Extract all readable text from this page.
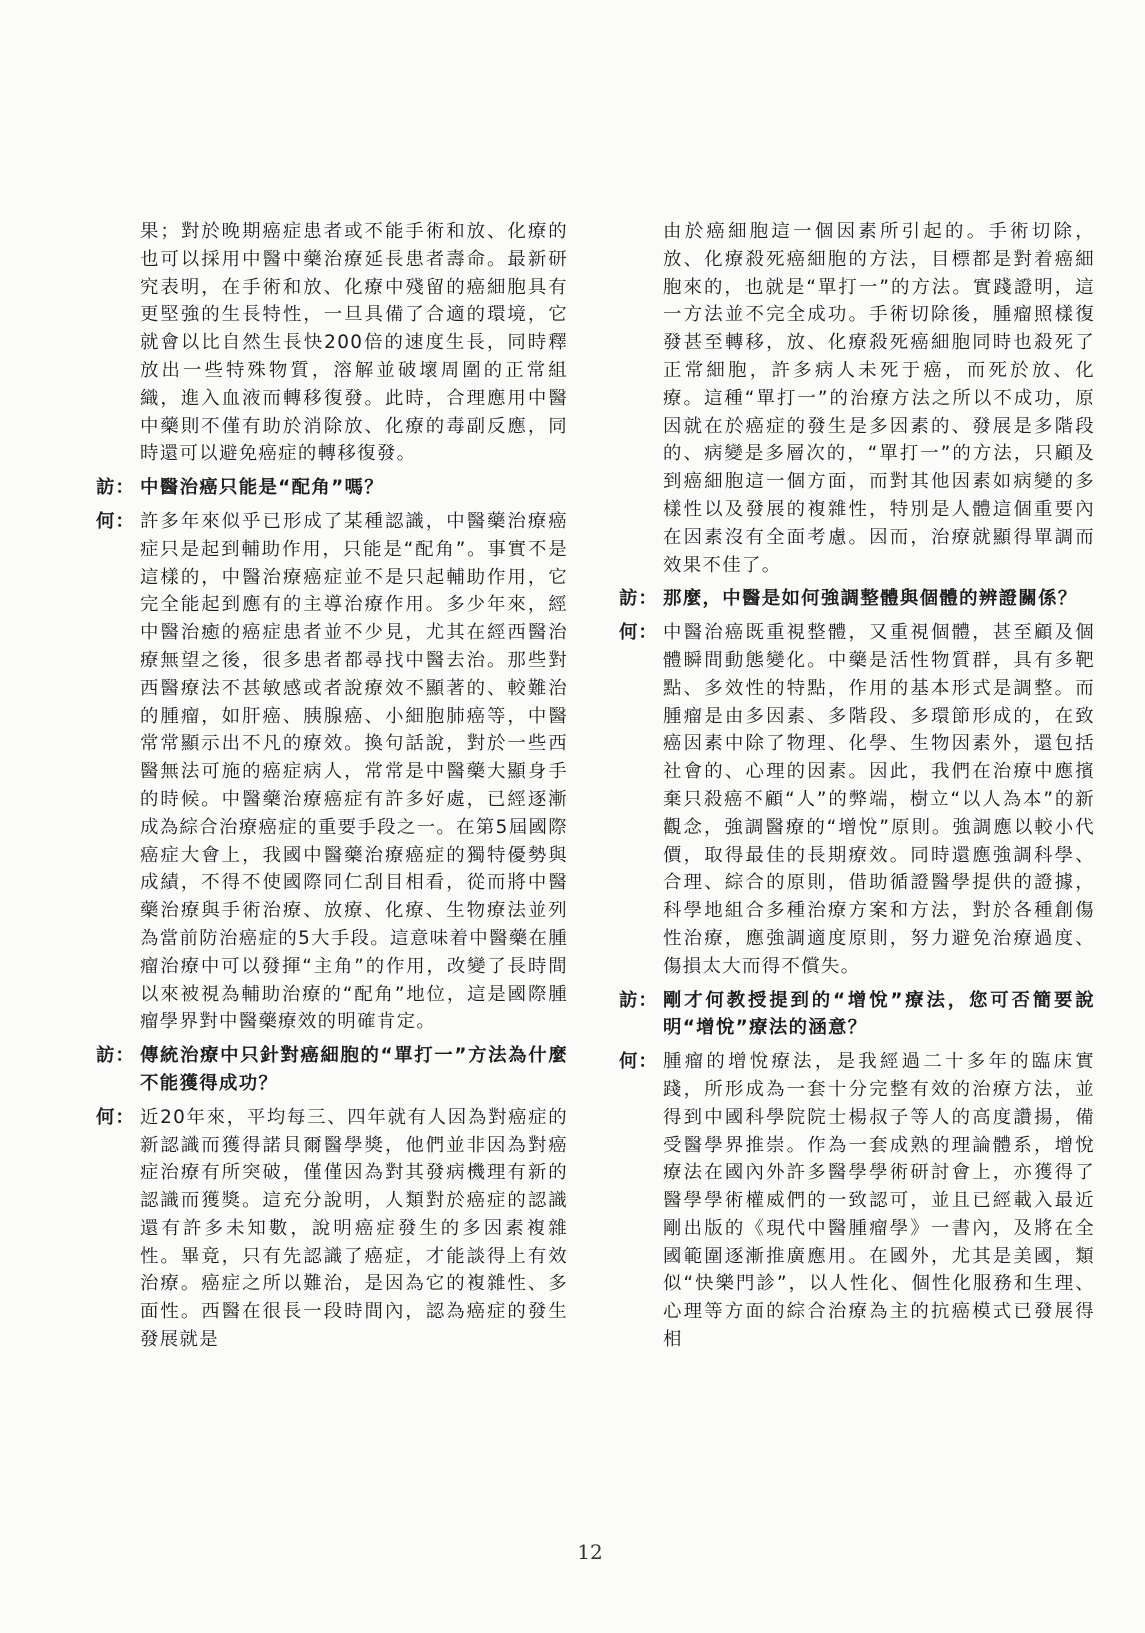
果；對於晚期癌症患者或不能手術和放、化療的也可以採用中醫中藥治療延長患者壽命。最新研究表明，在手術和放、化療中殘留的癌細胞具有更堅強的生長特性，一旦具備了合適的環境，它就會以比自然生長快200倍的速度生長，同時釋放出一些特殊物質，溶解並破壞周圍的正常組織，進入血液而轉移復發。此時，合理應用中醫中藥則不僅有助於消除放、化療的毒副反應，同時還可以避免癌症的轉移復發。

訪： 中醫治癌只能是“配角”嗎？
何： 許多年來似乎已形成了某種認識，中醫藥治療癌症只是起到輔助作用，只能是“配角”。事實不是這樣的，中醫治療癌症並不是只起輔助作用，它完全能起到應有的主導治療作用。多少年來，經中醫治癒的癌症患者並不少見，尤其在經西醫治療無望之後，很多患者都尋找中醫去治。那些對西醫療法不甚敏感或者說療效不顯著的、較難治的腫瘤，如肝癌、胰腺癌、小細胞肺癌等，中醫常常顯示出不凡的療效。換句話說，對於一些西醫無法可施的癌症病人，常常是中醫藥大顯身手的時候。中醫藥治療癌症有許多好處，已經逐漸成為綜合治療癌症的重要手段之一。在第5屆國際癌症大會上，我國中醫藥治療癌症的獨特優勢與成績，不得不使國際同仁刮目相看，從而將中醫藥治療與手術治療、放療、化療、生物療法並列為當前防治癌症的5大手段。這意味着中醫藥在腫瘤治療中可以發揮“主角”的作用，改變了長時間以來被視為輔助治療的“配角”地位，這是國際腫瘤學界對中醫藥療效的明確肯定。
訪： 傳統治療中只針對癌細胞的“單打一”方法為什麼不能獲得成功？
何： 近20年來，平均每三、四年就有人因為對癌症的新認識而獲得諾貝爾醫學獎，他們並非因為對癌症治療有所突破，僅僅因為對其發病機理有新的認識而獲獎。這充分說明，人類對於癌症的認識還有許多未知數，說明癌症發生的多因素複雜性。畢竟，只有先認識了癌症，才能談得上有效治療。癌症之所以難治，是因為它的複雜性、多面性。西醫在很長一段時間內，認為癌症的發生發展就是

由於癌細胞這一個因素所引起的。手術切除，放、化療殺死癌細胞的方法，目標都是對着癌細胞來的，也就是“單打一”的方法。實踐證明，這一方法並不完全成功。手術切除後，腫瘤照樣復發甚至轉移，放、化療殺死癌細胞同時也殺死了正常細胞，許多病人未死于癌，而死於放、化療。這種“單打一”的治療方法之所以不成功，原因就在於癌症的發生是多因素的、發展是多階段的、病變是多層次的，“單打一”的方法，只顧及到癌細胞這一個方面，而對其他因素如病變的多樣性以及發展的複雜性，特別是人體這個重要內在因素沒有全面考慮。因而，治療就顯得單調而效果不佳了。

訪： 那麼，中醫是如何強調整體與個體的辨證關係？
何： 中醫治癌既重視整體，又重視個體，甚至顧及個體瞬間動態變化。中藥是活性物質群，具有多靶點、多效性的特點，作用的基本形式是調整。而腫瘤是由多因素、多階段、多環節形成的，在致癌因素中除了物理、化學、生物因素外，還包括社會的、心理的因素。因此，我們在治療中應擯棄只殺癌不顧“人”的弊端，樹立“以人為本”的新觀念，強調醫療的“增悅”原則。強調應以較小代價，取得最佳的長期療效。同時還應強調科學、合理、綜合的原則，借助循證醫學提供的證據，科學地組合多種治療方案和方法，對於各種創傷性治療，應強調適度原則，努力避免治療過度、傷損太大而得不償失。
訪： 剛才何教授提到的“增悅”療法，您可否簡要說明“增悅”療法的涵意？
何： 腫瘤的增悅療法，是我經過二十多年的臨床實踐，所形成為一套十分完整有效的治療方法，並得到中國科學院院士楊叔子等人的高度讚揚，備受醫學界推崇。作為一套成熟的理論體系，增悅療法在國內外許多醫學學術研討會上，亦獲得了醫學學術權威們的一致認可，並且已經載入最近剛出版的《現代中醫腫瘤學》一書內，及將在全國範圍逐漸推廣應用。在國外，尤其是美國，類似“快樂門診”，以人性化、個性化服務和生理、心理等方面的綜合治療為主的抗癌模式已發展得相
12
